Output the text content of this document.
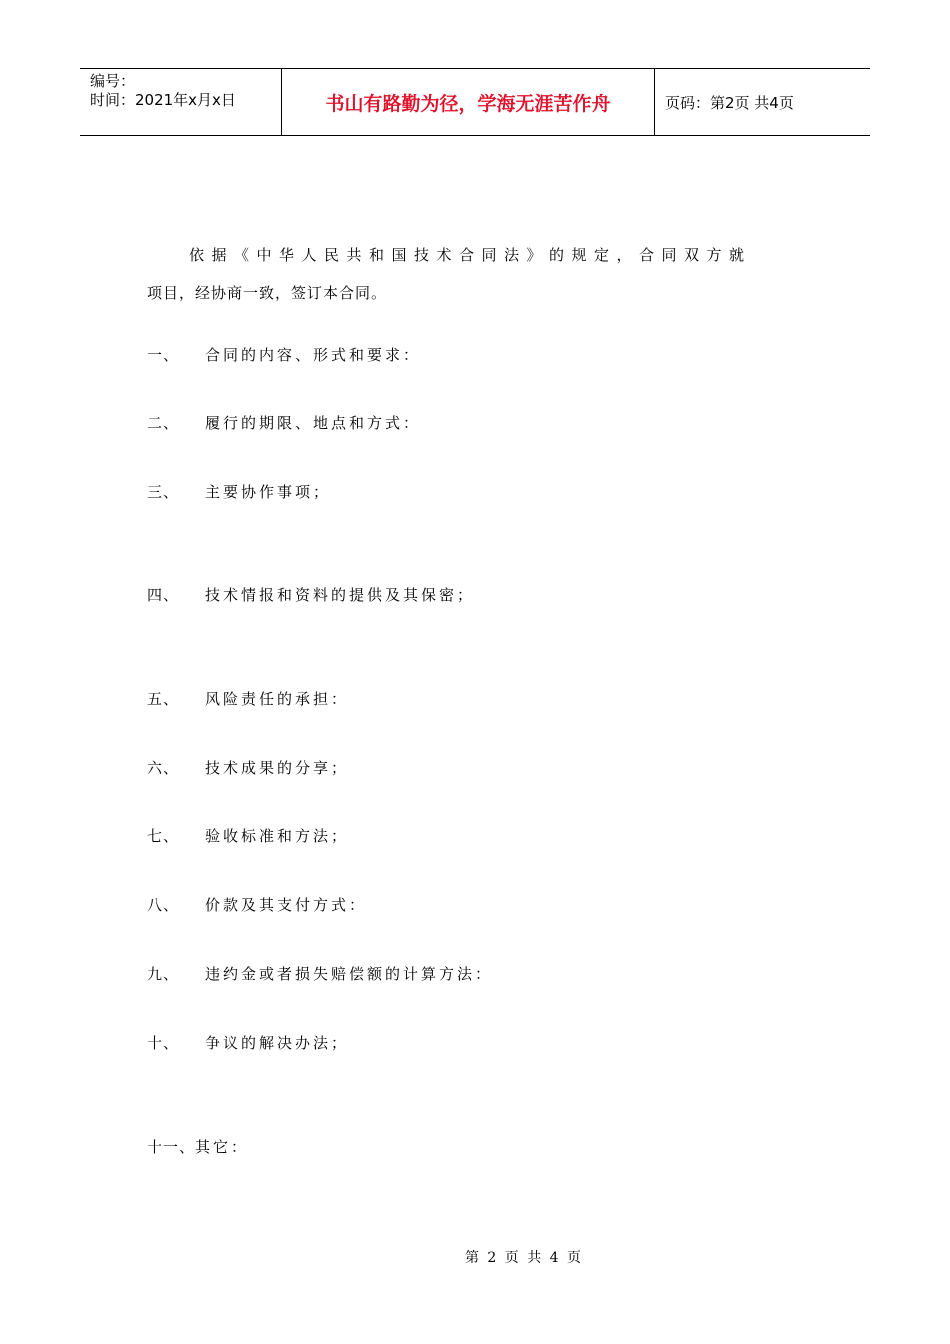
编号：
时间：2021年x月x日	书山有路勤为径，学海无涯苦作舟	页码：第2页 共4页
依据《中华人民共和国技术合同法》的规定，合同双方就
项目，经协商一致，签订本合同。
一、	合同的内容、形式和要求：
二、	履行的期限、地点和方式：
三、	主要协作事项；
四、	技术情报和资料的提供及其保密；
五、	风险责任的承担：
六、	技术成果的分享；
七、	验收标准和方法；
八、	价款及其支付方式：
九、	违约金或者损失赔偿额的计算方法：
十、	争议的解决办法；
十一、 其它：
第 2 页 共 4 页
